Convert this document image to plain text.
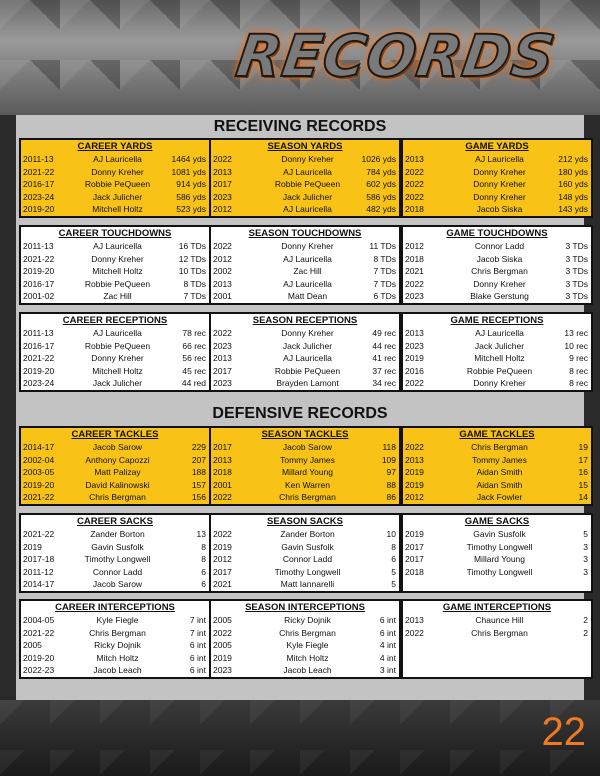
RECORDS
RECEIVING RECORDS
CAREER YARDS
2011-13	AJ Lauricella	1464 yds
2021-22	Donny Kreher	1081 yds
2016-17	Robbie PeQueen	914 yds
2023-24	Jack Julicher	586 yds
2019-20	Mitchell Holtz	523 yds
SEASON YARDS
2022	Donny Kreher	1026 yds
2013	AJ Lauricella	784 yds
2017	Robbie PeQueen	602 yds
2023	Jack Julicher	586 yds
2012	AJ Lauricella	482 yds
GAME YARDS
2013	AJ Lauricella	212 yds
2022	Donny Kreher	180 yds
2022	Donny Kreher	160 yds
2022	Donny Kreher	148 yds
2018	Jacob Siska	143 yds
CAREER TOUCHDOWNS
2011-13	AJ Lauricella	16 TDs
2021-22	Donny Kreher	12 TDs
2019-20	Mitchell Holtz	10 TDs
2016-17	Robbie PeQueen	8 TDs
2001-02	Zac Hill	7 TDs
SEASON TOUCHDOWNS
2022	Donny Kreher	11 TDs
2012	AJ Lauricella	8 TDs
2002	Zac Hill	7 TDs
2013	AJ Lauricella	7 TDs
2001	Matt Dean	6 TDs
GAME TOUCHDOWNS
2012	Connor Ladd	3 TDs
2018	Jacob Siska	3 TDs
2021	Chris Bergman	3 TDs
2022	Donny Kreher	3 TDs
2023	Blake Gerstung	3 TDs
CAREER RECEPTIONS
2011-13	AJ Lauricella	78 rec
2016-17	Robbie PeQueen	66 rec
2021-22	Donny Kreher	56 rec
2019-20	Mitchell Holtz	45 rec
2023-24	Jack Julicher	44 red
SEASON RECEPTIONS
2022	Donny Kreher	49 rec
2023	Jack Julicher	44 rec
2013	AJ Lauricella	41 rec
2017	Robbie PeQueen	37 rec
2023	Brayden Lamont	34 rec
GAME RECEPTIONS
2013	AJ Lauricella	13 rec
2023	Jack Julicher	10 rec
2019	Mitchell Holtz	9 rec
2016	Robbie PeQueen	8 rec
2022	Donny Kreher	8 rec
DEFENSIVE RECORDS
CAREER TACKLES
2014-17	Jacob Sarow	229
2002-04	Anthony Capozzi	207
2003-05	Matt Palizay	188
2019-20	David Kalinowski	157
2021-22	Chris Bergman	156
SEASON TACKLES
2017	Jacob Sarow	118
2013	Tommy James	109
2018	Millard Young	97
2001	Ken Warren	88
2022	Chris Bergman	86
GAME TACKLES
2022	Chris Bergman	19
2013	Tommy James	17
2019	Aidan Smith	16
2019	Aidan Smith	15
2012	Jack Fowler	14
CAREER SACKS
2021-22	Zander Borton	13
2019	Gavin Susfolk	8
2017-18	Timothy Longwell	8
2011-12	Connor Ladd	6
2014-17	Jacob Sarow	6
SEASON SACKS
2022	Zander Borton	10
2019	Gavin Susfolk	8
2012	Connor Ladd	6
2017	Timothy Longwell	5
2021	Matt Iannarelli	5
GAME SACKS
2019	Gavin Susfolk	5
2017	Timothy Longwell	3
2017	Millard Young	3
2018	Timothy Longwell	3
CAREER INTERCEPTIONS
2004-05	Kyle Fiegle	7 int
2021-22	Chris Bergman	7 int
2005	Ricky Dojnik	6 int
2019-20	Mitch Holtz	6 int
2022-23	Jacob Leach	6 int
SEASON INTERCEPTIONS
2005	Ricky Dojnik	6 int
2022	Chris Bergman	6 int
2005	Kyle Fiegle	4 int
2019	Mitch Holtz	4 int
2023	Jacob Leach	3 int
GAME INTERCEPTIONS
2013	Chaunce Hill	2
2022	Chris Bergman	2
22
